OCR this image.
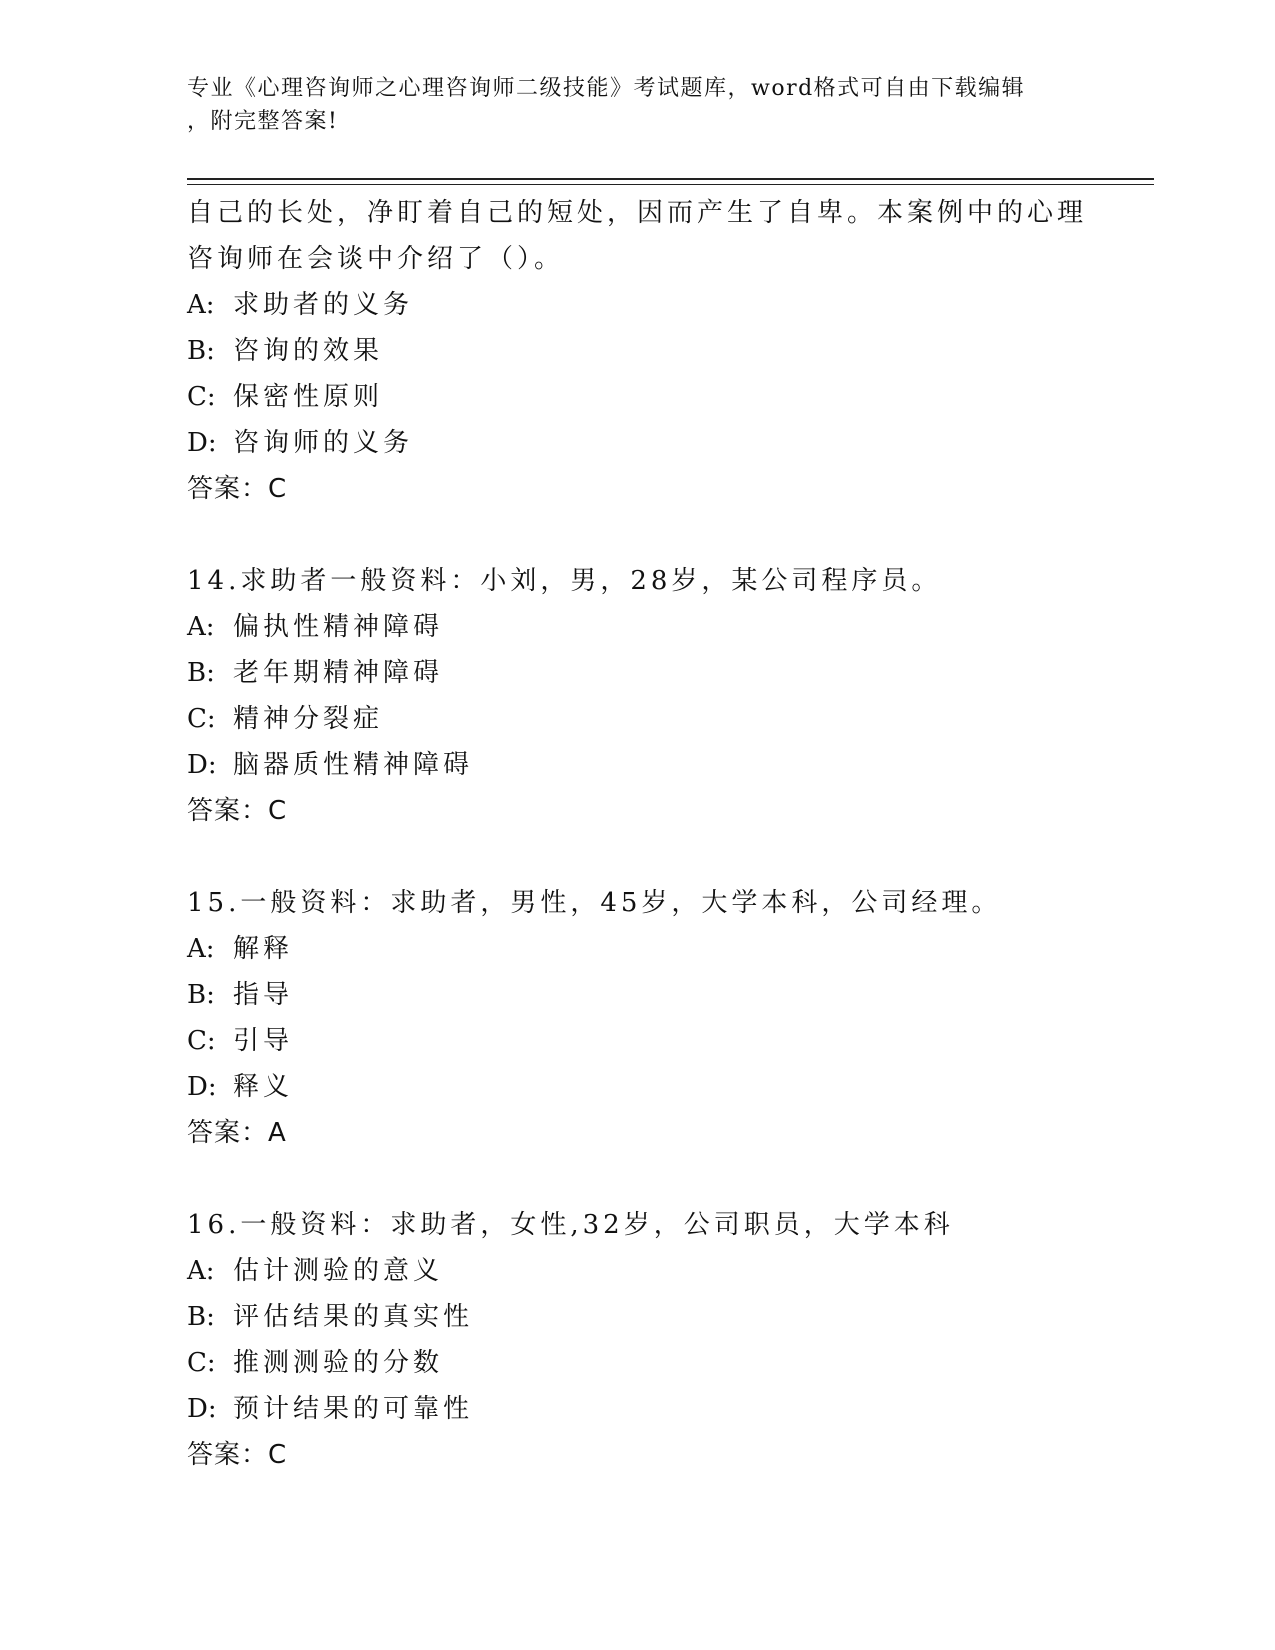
专业《心理咨询师之心理咨询师二级技能》考试题库，word格式可自由下载编辑
，附完整答案!
自己的长处，净盯着自己的短处，因而产生了自卑。本案例中的心理
咨询师在会谈中介绍了（）。
A: 求助者的义务
B: 咨询的效果
C: 保密性原则
D: 咨询师的义务
答案：C
14.求助者一般资料：小刘，男，28岁，某公司程序员。
A: 偏执性精神障碍
B: 老年期精神障碍
C: 精神分裂症
D: 脑器质性精神障碍
答案：C
15.一般资料：求助者，男性，45岁，大学本科，公司经理。
A: 解释
B: 指导
C: 引导
D: 释义
答案：A
16.一般资料：求助者，女性,32岁，公司职员，大学本科
A: 估计测验的意义
B: 评估结果的真实性
C: 推测测验的分数
D: 预计结果的可靠性
答案：C
